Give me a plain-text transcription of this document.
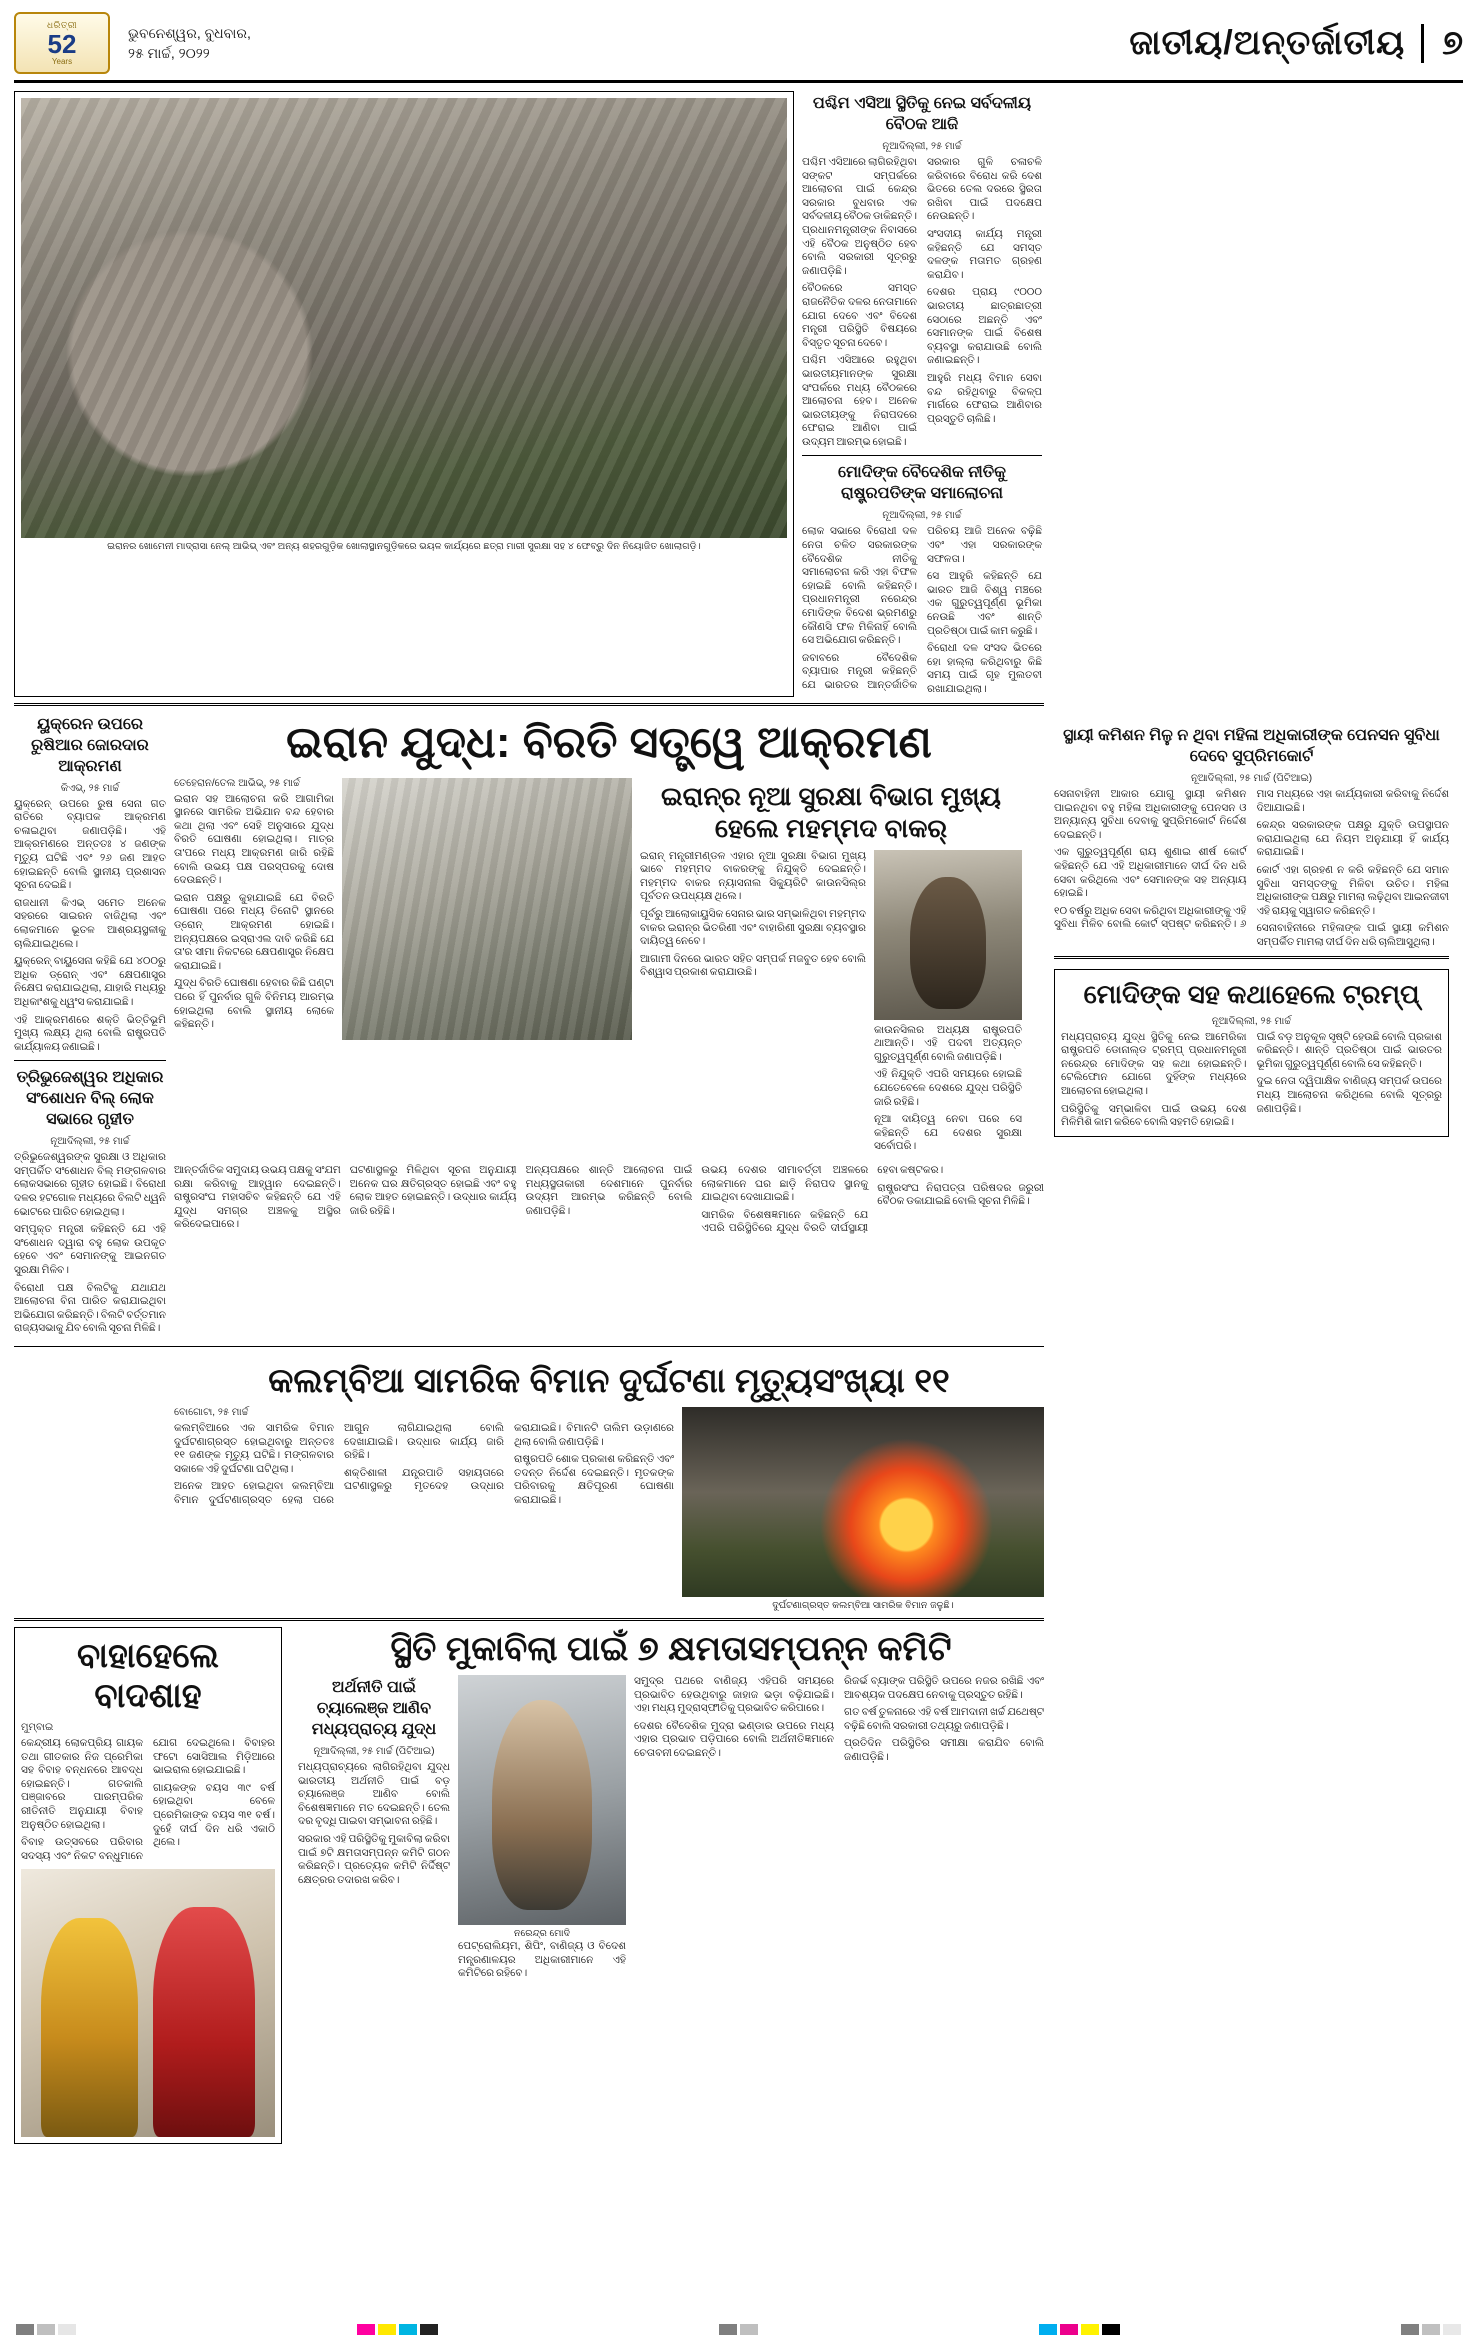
ଧରିତ୍ରୀ
52
Years
ଭୁବନେଶ୍ୱର, ବୁଧବାର,
୨୫ ମାର୍ଚ୍ଚ, ୨୦୨୨	ଜାତୀୟ/ଅନ୍ତର୍ଜାତୀୟ	୭
ଇରାନର ଖୋମେନୀ ମାଦ୍ରାସା ନେଲ୍ ଆଭିଭ୍ ଏବଂ ଅନ୍ୟ ଶହରଗୁଡ଼ିକ ଖୋଲାସ୍ଥାନଗୁଡ଼ିକରେ ଭୟଳ କାର୍ଯ୍ୟରେ ଛତ୍ରା ମାରୀ ସୁରକ୍ଷା ସହ ୪ ଫେବ୍ରୁ ଦିନ ନିୟୋଜିତ ଖୋଲାଗଡ଼ି।
ପଶ୍ଚିମ ଏସିଆ ସ୍ଥିତିକୁ ନେଇ ସର୍ବଦଳୀୟ ବୈଠକ ଆଜି
ନୂଆଦିଲ୍ଲୀ, ୨୫ ମାର୍ଚ୍ଚ

ପଶ୍ଚିମ ଏସିଆରେ ଲାଗିରହିଥିବା ସଙ୍କଟ ସମ୍ପର୍କରେ ଆଲୋଚନା ପାଇଁ କେନ୍ଦ୍ର ସରକାର ବୁଧବାର ଏକ ସର୍ବଦଳୀୟ ବୈଠକ ଡାକିଛନ୍ତି। ପ୍ରଧାନମନ୍ତ୍ରୀଙ୍କ ନିବାସରେ ଏହି ବୈଠକ ଅନୁଷ୍ଠିତ ହେବ ବୋଲି ସରକାରୀ ସୂତ୍ରରୁ ଜଣାପଡ଼ିଛି।

ବୈଠକରେ ସମସ୍ତ ରାଜନୈତିକ ଦଳର ନେତାମାନେ ଯୋଗ ଦେବେ ଏବଂ ବିଦେଶ ମନ୍ତ୍ରୀ ପରିସ୍ଥିତି ବିଷୟରେ ବିସ୍ତୃତ ସୂଚନା ଦେବେ।

ପଶ୍ଚିମ ଏସିଆରେ ରହୁଥିବା ଭାରତୀୟମାନଙ୍କ ସୁରକ୍ଷା ସଂପର୍କରେ ମଧ୍ୟ ବୈଠକରେ ଆଲୋଚନା ହେବ। ଅନେକ ଭାରତୀୟଙ୍କୁ ନିରାପଦରେ ଫେରାଇ ଆଣିବା ପାଇଁ ଉଦ୍ୟମ ଆରମ୍ଭ ହୋଇଛି।

ସରକାର ଗୁଳି ଚଳାଚଳି କରିବାରେ ବିରୋଧ କରି ଦେଶ ଭିତରେ ତେଲ ଦରରେ ସ୍ଥିରତା ରଖିବା ପାଇଁ ପଦକ୍ଷେପ ନେଉଛନ୍ତି।

ସଂସଦୀୟ କାର୍ଯ୍ୟ ମନ୍ତ୍ରୀ କହିଛନ୍ତି ଯେ ସମସ୍ତ ଦଳଙ୍କ ମତାମତ ଗ୍ରହଣ କରାଯିବ।

ଦେଶର ପ୍ରାୟ ୯୦୦୦ ଭାରତୀୟ ଛାତ୍ରଛାତ୍ରୀ ସେଠାରେ ଅଛନ୍ତି ଏବଂ ସେମାନଙ୍କ ପାଇଁ ବିଶେଷ ବ୍ୟବସ୍ଥା କରାଯାଉଛି ବୋଲି ଜଣାଇଛନ୍ତି।

ଆହୁରି ମଧ୍ୟ ବିମାନ ସେବା ବନ୍ଦ ରହିଥିବାରୁ ବିକଳ୍ପ ମାର୍ଗରେ ଫେରାଇ ଆଣିବାର ପ୍ରସ୍ତୁତି ଚାଲିଛି।

ମୋଦିଙ୍କ ବୈଦେଶିକ ନୀତିକୁ ରାଷ୍ଟ୍ରପତିଙ୍କ ସମାଲୋଚନା
ନୂଆଦିଲ୍ଲୀ, ୨୫ ମାର୍ଚ୍ଚ

ଲୋକ ସଭାରେ ବିରୋଧୀ ଦଳ ନେତା ଚଳିତ ସରକାରଙ୍କ ବୈଦେଶିକ ନୀତିକୁ ସମାଲୋଚନା କରି ଏହା ବିଫଳ ହୋଇଛି ବୋଲି କହିଛନ୍ତି। ପ୍ରଧାନମନ୍ତ୍ରୀ ନରେନ୍ଦ୍ର ମୋଦିଙ୍କ ବିଦେଶ ଭ୍ରମଣରୁ କୌଣସି ଫଳ ମିଳିନାହିଁ ବୋଲି ସେ ଅଭିଯୋଗ କରିଛନ୍ତି।

ଜବାବରେ ବୈଦେଶିକ ବ୍ୟାପାର ମନ୍ତ୍ରୀ କହିଛନ୍ତି ଯେ ଭାରତର ଆନ୍ତର୍ଜାତିକ ପରିଚୟ ଆଜି ଅନେକ ବଢ଼ିଛି ଏବଂ ଏହା ସରକାରଙ୍କ ସଫଳତା।

ସେ ଆହୁରି କହିଛନ୍ତି ଯେ ଭାରତ ଆଜି ବିଶ୍ୱ ମଞ୍ଚରେ ଏକ ଗୁରୁତ୍ୱପୂର୍ଣ୍ଣ ଭୂମିକା ନେଉଛି ଏବଂ ଶାନ୍ତି ପ୍ରତିଷ୍ଠା ପାଇଁ କାମ କରୁଛି।

ବିରୋଧୀ ଦଳ ସଂସଦ ଭିତରେ ହୋ ହାଲ୍ଲା କରିଥିବାରୁ କିଛି ସମୟ ପାଇଁ ଗୃହ ମୁଲତବୀ ରଖାଯାଇଥିଲା।

ୟୁକ୍ରେନ ଉପରେ ରୁଷିଆର ଜୋରଦାର ଆକ୍ରମଣ
କିଏଭ୍, ୨୫ ମାର୍ଚ୍ଚ

ୟୁକ୍ରେନ୍ ଉପରେ ରୁଷ ସେନା ଗତ ରାତିରେ ବ୍ୟାପକ ଆକ୍ରମଣ ଚଳାଇଥିବା ଜଣାପଡ଼ିଛି। ଏହି ଆକ୍ରମଣରେ ଅନ୍ତତଃ ୪ ଜଣଙ୍କ ମୃତ୍ୟୁ ଘଟିଛି ଏବଂ ୨୬ ଜଣ ଆହତ ହୋଇଛନ୍ତି ବୋଲି ସ୍ଥାନୀୟ ପ୍ରଶାସନ ସୂଚନା ଦେଇଛି।

ରାଜଧାନୀ କିଏଭ୍ ସମେତ ଅନେକ ସହରରେ ସାଇରନ ବାଜିଥିଲା ଏବଂ ଲୋକମାନେ ଭୂତଳ ଆଶ୍ରୟସ୍ଥଳୀକୁ ଚାଲିଯାଇଥିଲେ।

ୟୁକ୍ରେନ୍ ବାୟୁସେନା କହିଛି ଯେ ୪୦୦ରୁ ଅଧିକ ଡ୍ରୋନ୍ ଏବଂ କ୍ଷେପଣାସ୍ତ୍ର ନିକ୍ଷେପ କରାଯାଇଥିଲା, ଯାହାରି ମଧ୍ୟରୁ ଅଧିକାଂଶକୁ ଧ୍ୱଂସ କରାଯାଇଛି।

ଏହି ଆକ୍ରମଣରେ ଶକ୍ତି ଭିତ୍ତିଭୂମି ମୁଖ୍ୟ ଲକ୍ଷ୍ୟ ଥିଲା ବୋଲି ରାଷ୍ଟ୍ରପତି କାର୍ଯ୍ୟାଳୟ ଜଣାଇଛି।

ତ୍ରିଭୁଜେଶ୍ୱର ଅଧିକାର ସଂଶୋଧନ ବିଲ୍ ଲୋକ ସଭାରେ ଗୃହୀତ
ନୂଆଦିଲ୍ଲୀ, ୨୫ ମାର୍ଚ୍ଚ

ତ୍ରିଭୁଜେଶ୍ୱରଙ୍କ ସୁରକ୍ଷା ଓ ଅଧିକାର ସମ୍ପର୍କିତ ସଂଶୋଧନ ବିଲ୍ ମଙ୍ଗଳବାର ଲୋକସଭାରେ ଗୃହୀତ ହୋଇଛି। ବିରୋଧୀ ଦଳର ହଟଗୋଳ ମଧ୍ୟରେ ବିଲଟି ଧ୍ୱନି ଭୋଟରେ ପାରିତ ହୋଇଥିଲା।

ସମ୍ପୃକ୍ତ ମନ୍ତ୍ରୀ କହିଛନ୍ତି ଯେ ଏହି ସଂଶୋଧନ ଦ୍ୱାରା ବହୁ ଲୋକ ଉପକୃତ ହେବେ ଏବଂ ସେମାନଙ୍କୁ ଆଇନଗତ ସୁରକ୍ଷା ମିଳିବ।

ବିରୋଧୀ ପକ୍ଷ ବିଲଟିକୁ ଯଥାଯଥ ଆଲୋଚନା ବିନା ପାରିତ କରାଯାଇଥିବା ଅଭିଯୋଗ କରିଛନ୍ତି। ବିଲଟି ବର୍ତ୍ତମାନ ରାଜ୍ୟସଭାକୁ ଯିବ ବୋଲି ସୂଚନା ମିଳିଛି।

ଇରାନ ଯୁଦ୍ଧ: ବିରତି ସତ୍ତ୍ୱେ ଆକ୍ରମଣ
ତେହେରାନ/ତେଲ ଆଭିଭ୍, ୨୫ ମାର୍ଚ୍ଚ

ଇରାନ ସହ ଆଲୋଚନା କରି ଆଗାମିକା ସ୍ଥାନରେ ସାମରିକ ଅଭିଯାନ ବନ୍ଦ ହେବାର କଥା ଥିଲା ଏବଂ ସେହି ଅନୁସାରେ ଯୁଦ୍ଧ ବିରତି ଘୋଷଣା ହୋଇଥିଲା। ମାତ୍ର ତା'ପରେ ମଧ୍ୟ ଆକ୍ରମଣ ଜାରି ରହିଛି ବୋଲି ଉଭୟ ପକ୍ଷ ପରସ୍ପରକୁ ଦୋଷ ଦେଉଛନ୍ତି।

ଇରାନ ପକ୍ଷରୁ କୁହାଯାଇଛି ଯେ ବିରତି ଘୋଷଣା ପରେ ମଧ୍ୟ ତିନୋଟି ସ୍ଥାନରେ ଡ୍ରୋନ୍ ଆକ୍ରମଣ ହୋଇଛି। ଅନ୍ୟପକ୍ଷରେ ଇସ୍ରାଏଲ ଦାବି କରିଛି ଯେ ତା'ର ସୀମା ନିକଟରେ କ୍ଷେପଣାସ୍ତ୍ର ନିକ୍ଷେପ କରାଯାଇଛି।

ଯୁଦ୍ଧ ବିରତି ଘୋଷଣା ହେବାର କିଛି ଘଣ୍ଟା ପରେ ହିଁ ପୁନର୍ବାର ଗୁଳି ବିନିମୟ ଆରମ୍ଭ ହୋଇଥିଲା ବୋଲି ସ୍ଥାନୀୟ ଲୋକେ କହିଛନ୍ତି।

ଇରାନ୍‌ର ନୂଆ ସୁରକ୍ଷା ବିଭାଗ ମୁଖ୍ୟ ହେଲେ ମହମ୍ମଦ ବାକର୍

ଇରାନ୍ ମନ୍ତ୍ରୀମଣ୍ଡଳ ଏହାର ନୂଆ ସୁରକ୍ଷା ବିଭାଗ ମୁଖ୍ୟ ଭାବେ ମହମ୍ମଦ ବାକରଙ୍କୁ ନିଯୁକ୍ତି ଦେଇଛନ୍ତି। ମହମ୍ମଦ ବାକର ନ୍ୟାସନାଲ ସିକ୍ୟୁରିଟି କାଉନସିଲ୍‌ର ପୂର୍ବତନ ଉପଧ୍ୟକ୍ଷ ଥିଲେ।

ପୂର୍ବରୁ ଆଲୋକାୟୁସିକ ସେନାର ଭାର ସମ୍ଭାଳିଥିବା ମହମ୍ମଦ ବାକର ଇରାନ୍‌ର ଭିତରିଣୀ ଏବଂ ବାହାରିଣୀ ସୁରକ୍ଷା ବ୍ୟବସ୍ଥାର ଦାୟିତ୍ୱ ନେବେ।

ଆଗାମୀ ଦିନରେ ଭାରତ ସହିତ ସମ୍ପର୍କ ମଜବୁତ ହେବ ବୋଲି ବିଶ୍ୱାସ ପ୍ରକାଶ କରାଯାଉଛି।

କାଉନସିଲର ଅଧ୍ୟକ୍ଷ ରାଷ୍ଟ୍ରପତି ଥାଆନ୍ତି। ଏହି ପଦବୀ ଅତ୍ୟନ୍ତ ଗୁରୁତ୍ୱପୂର୍ଣ୍ଣ ବୋଲି ଜଣାପଡ଼ିଛି।

ଏହି ନିଯୁକ୍ତି ଏପରି ସମୟରେ ହୋଇଛି ଯେତେବେଳେ ଦେଶରେ ଯୁଦ୍ଧ ପରିସ୍ଥିତି ଜାରି ରହିଛି।

ନୂଆ ଦାୟିତ୍ୱ ନେବା ପରେ ସେ କହିଛନ୍ତି ଯେ ଦେଶର ସୁରକ୍ଷା ସର୍ବୋପରି।

ଆନ୍ତର୍ଜାତିକ ସମୁଦାୟ ଉଭୟ ପକ୍ଷକୁ ସଂଯମ ରକ୍ଷା କରିବାକୁ ଆହ୍ୱାନ ଦେଇଛନ୍ତି। ରାଷ୍ଟ୍ରସଂଘ ମହାସଚିବ କହିଛନ୍ତି ଯେ ଏହି ଯୁଦ୍ଧ ସମଗ୍ର ଅଞ୍ଚଳକୁ ଅସ୍ଥିର କରିଦେଇପାରେ।

ଘଟଣାସ୍ଥଳରୁ ମିଳିଥିବା ସୂଚନା ଅନୁଯାୟୀ ଅନେକ ଘର କ୍ଷତିଗ୍ରସ୍ତ ହୋଇଛି ଏବଂ ବହୁ ଲୋକ ଆହତ ହୋଇଛନ୍ତି। ଉଦ୍ଧାର କାର୍ଯ୍ୟ ଜାରି ରହିଛି।

ଅନ୍ୟପକ୍ଷରେ ଶାନ୍ତି ଆଲୋଚନା ପାଇଁ ମଧ୍ୟସ୍ଥତାକାରୀ ଦେଶମାନେ ପୁନର୍ବାର ଉଦ୍ୟମ ଆରମ୍ଭ କରିଛନ୍ତି ବୋଲି ଜଣାପଡ଼ିଛି।

ଉଭୟ ଦେଶର ସୀମାବର୍ତ୍ତୀ ଅଞ୍ଚଳରେ ଲୋକମାନେ ଘର ଛାଡ଼ି ନିରାପଦ ସ୍ଥାନକୁ ଯାଇଥିବା ଦେଖାଯାଇଛି।

ସାମରିକ ବିଶେଷଜ୍ଞମାନେ କହିଛନ୍ତି ଯେ ଏପରି ପରିସ୍ଥିତିରେ ଯୁଦ୍ଧ ବିରତି ଦୀର୍ଘସ୍ଥାୟୀ ହେବା କଷ୍ଟକର।

ରାଷ୍ଟ୍ରସଂଘ ନିରାପତ୍ତା ପରିଷଦର ଜରୁରୀ ବୈଠକ ଡକାଯାଇଛି ବୋଲି ସୂଚନା ମିଳିଛି।

କଲମ୍ବିଆ ସାମରିକ ବିମାନ ଦୁର୍ଘଟଣା ମୃତ୍ୟୁସଂଖ୍ୟା ୧୧
ବୋଗୋଟା, ୨୫ ମାର୍ଚ୍ଚ

କଲମ୍ବିଆରେ ଏକ ସାମରିକ ବିମାନ ଦୁର୍ଘଟଣାଗ୍ରସ୍ତ ହୋଇଥିବାରୁ ଅନ୍ତତଃ ୧୧ ଜଣଙ୍କ ମୃତ୍ୟୁ ଘଟିଛି। ମଙ୍ଗଳବାର ସକାଳେ ଏହି ଦୁର୍ଘଟଣା ଘଟିଥିଲା।

ଅନେକ ଆହତ ହୋଇଥିବା କଲମ୍ବିଆ ବିମାନ ଦୁର୍ଘଟଣାଗ୍ରସ୍ତ ହେଲା ପରେ ଆଗୁନ ଲାଗିଯାଇଥିଲା ବୋଲି ଦେଖାଯାଇଛି। ଉଦ୍ଧାର କାର୍ଯ୍ୟ ଜାରି ରହିଛି।

ଶକ୍ତିଶାଳୀ ଯନ୍ତ୍ରପାତି ସହାୟତାରେ ଘଟଣାସ୍ଥଳରୁ ମୃତଦେହ ଉଦ୍ଧାର କରାଯାଇଛି। ବିମାନଟି ତାଲିମ ଉଡ଼ାଣରେ ଥିଲା ବୋଲି ଜଣାପଡ଼ିଛି।

ରାଷ୍ଟ୍ରପତି ଶୋକ ପ୍ରକାଶ କରିଛନ୍ତି ଏବଂ ତଦନ୍ତ ନିର୍ଦ୍ଦେଶ ଦେଇଛନ୍ତି। ମୃତକଙ୍କ ପରିବାରକୁ କ୍ଷତିପୂରଣ ଘୋଷଣା କରାଯାଇଛି।

ଦୁର୍ଘଟଣାଗ୍ରସ୍ତ କଲମ୍ବିଆ ସାମରିକ ବିମାନ ଜଳୁଛି।
ବାହାହେଲେ ବାଦଶାହ
ମୁମ୍ବାଇ

କେନ୍ଦ୍ରୀୟ ଲୋକପ୍ରିୟ ଗାୟକ ତଥା ଗୀତକାର ନିଜ ପ୍ରେମିକା ସହ ବିବାହ ବନ୍ଧନରେ ଆବଦ୍ଧ ହୋଇଛନ୍ତି। ଗତକାଲି ପଞ୍ଜାବରେ ପାରମ୍ପରିକ ରୀତିନୀତି ଅନୁଯାୟୀ ବିବାହ ଅନୁଷ୍ଠିତ ହୋଇଥିଲା।

ବିବାହ ଉତ୍ସବରେ ପରିବାର ସଦସ୍ୟ ଏବଂ ନିକଟ ବନ୍ଧୁମାନେ ଯୋଗ ଦେଇଥିଲେ। ବିବାହର ଫଟୋ ସୋସିଆଲ ମିଡ଼ିଆରେ ଭାଇରାଲ ହୋଇଯାଇଛି।

ଗାୟକଙ୍କ ବୟସ ୩୯ ବର୍ଷ ହୋଇଥିବା ବେଳେ ପ୍ରେମିକାଙ୍କ ବୟସ ୩୧ ବର୍ଷ। ଦୁହେଁ ଦୀର୍ଘ ଦିନ ଧରି ଏକାଠି ଥିଲେ।

ସ୍ଥିତି ମୁକାବିଲା ପାଇଁ ୭ କ୍ଷମତାସମ୍ପନ୍ନ କମିଟି
ଅର୍ଥନୀତି ପାଇଁ ଚ୍ୟାଲେଞ୍ଜ ଆଣିବ ମଧ୍ୟପ୍ରାଚ୍ୟ ଯୁଦ୍ଧ
ନୂଆଦିଲ୍ଲୀ, ୨୫ ମାର୍ଚ୍ଚ (ପିଟିଆଇ)

ମଧ୍ୟପ୍ରାଚ୍ୟରେ ଲାଗିରହିଥିବା ଯୁଦ୍ଧ ଭାରତୀୟ ଅର୍ଥନୀତି ପାଇଁ ବଡ଼ ଚ୍ୟାଲେଞ୍ଜ ଆଣିବ ବୋଲି ବିଶେଷଜ୍ଞମାନେ ମତ ଦେଇଛନ୍ତି। ତେଲ ଦର ବୃଦ୍ଧି ପାଇବା ସମ୍ଭାବନା ରହିଛି।

ସରକାର ଏହି ପରିସ୍ଥିତିକୁ ମୁକାବିଲା କରିବା ପାଇଁ ୭ଟି କ୍ଷମତାସମ୍ପନ୍ନ କମିଟି ଗଠନ କରିଛନ୍ତି। ପ୍ରତ୍ୟେକ କମିଟି ନିର୍ଦ୍ଦିଷ୍ଟ କ୍ଷେତ୍ରର ତଦାରଖ କରିବ।

ନରେନ୍ଦ୍ର ମୋଦି

ପେଟ୍ରୋଲିୟମ, ଶିପିଂ, ବାଣିଜ୍ୟ ଓ ବିଦେଶ ମନ୍ତ୍ରଣାଳୟର ଅଧିକାରୀମାନେ ଏହି କମିଟିରେ ରହିବେ।

ସମୁଦ୍ର ପଥରେ ବାଣିଜ୍ୟ ଏହିପରି ସମୟରେ ପ୍ରଭାବିତ ହେଉଥିବାରୁ ଜାହାଜ ଭଡ଼ା ବଢ଼ିଯାଇଛି। ଏହା ମଧ୍ୟ ମୁଦ୍ରାସ୍ଫୀତିକୁ ପ୍ରଭାବିତ କରିପାରେ।

ଦେଶର ବୈଦେଶିକ ମୁଦ୍ରା ଭଣ୍ଡାର ଉପରେ ମଧ୍ୟ ଏହାର ପ୍ରଭାବ ପଡ଼ିପାରେ ବୋଲି ଅର୍ଥନୀତିଜ୍ଞମାନେ ଚେତାବନୀ ଦେଇଛନ୍ତି।

ରିଜର୍ଭ ବ୍ୟାଙ୍କ ପରିସ୍ଥିତି ଉପରେ ନଜର ରଖିଛି ଏବଂ ଆବଶ୍ୟକ ପଦକ୍ଷେପ ନେବାକୁ ପ୍ରସ୍ତୁତ ରହିଛି।

ଗତ ବର୍ଷ ତୁଳନାରେ ଏହି ବର୍ଷ ଆମଦାନୀ ଖର୍ଚ୍ଚ ଯଥେଷ୍ଟ ବଢ଼ିଛି ବୋଲି ସରକାରୀ ତଥ୍ୟରୁ ଜଣାପଡ଼ିଛି।

ପ୍ରତିଦିନ ପରିସ୍ଥିତିର ସମୀକ୍ଷା କରାଯିବ ବୋଲି ଜଣାପଡ଼ିଛି।

ସ୍ଥାୟୀ କମିଶନ ମିଳୁ ନ ଥିବା ମହିଳା ଅଧିକାରୀଙ୍କ ପେନସନ ସୁବିଧା ଦେବେ ସୁପ୍ରିମକୋର୍ଟ
ନୂଆଦିଲ୍ଲୀ, ୨୫ ମାର୍ଚ୍ଚ (ପିଟିଆଇ)

ସେନାବାହିନୀ ଆକାର ଯୋଗୁ ସ୍ଥାୟୀ କମିଶନ ପାଇନଥିବା ବହୁ ମହିଳା ଅଧିକାରୀଙ୍କୁ ପେନସନ ଓ ଅନ୍ୟାନ୍ୟ ସୁବିଧା ଦେବାକୁ ସୁପ୍ରିମକୋର୍ଟ ନିର୍ଦ୍ଦେଶ ଦେଇଛନ୍ତି।

ଏକ ଗୁରୁତ୍ୱପୂର୍ଣ୍ଣ ରାୟ ଶୁଣାଇ ଶୀର୍ଷ କୋର୍ଟ କହିଛନ୍ତି ଯେ ଏହି ଅଧିକାରୀମାନେ ଦୀର୍ଘ ଦିନ ଧରି ସେବା କରିଥିଲେ ଏବଂ ସେମାନଙ୍କ ସହ ଅନ୍ୟାୟ ହୋଇଛି।

୧୦ ବର୍ଷରୁ ଅଧିକ ସେବା କରିଥିବା ଅଧିକାରୀଙ୍କୁ ଏହି ସୁବିଧା ମିଳିବ ବୋଲି କୋର୍ଟ ସ୍ପଷ୍ଟ କରିଛନ୍ତି। ୬ ମାସ ମଧ୍ୟରେ ଏହା କାର୍ଯ୍ୟକାରୀ କରିବାକୁ ନିର୍ଦ୍ଦେଶ ଦିଆଯାଇଛି।

କେନ୍ଦ୍ର ସରକାରଙ୍କ ପକ୍ଷରୁ ଯୁକ୍ତି ଉପସ୍ଥାପନ କରାଯାଇଥିଲା ଯେ ନିୟମ ଅନୁଯାୟୀ ହିଁ କାର୍ଯ୍ୟ କରାଯାଇଛି।

କୋର୍ଟ ଏହା ଗ୍ରହଣ ନ କରି କହିଛନ୍ତି ଯେ ସମାନ ସୁବିଧା ସମସ୍ତଙ୍କୁ ମିଳିବା ଉଚିତ। ମହିଳା ଅଧିକାରୀଙ୍କ ପକ୍ଷରୁ ମାମଲା ଲଢ଼ିଥିବା ଆଇନଜୀବୀ ଏହି ରାୟକୁ ସ୍ୱାଗତ କରିଛନ୍ତି।

ସେନାବାହିନୀରେ ମହିଳାଙ୍କ ପାଇଁ ସ୍ଥାୟୀ କମିଶନ ସମ୍ପର୍କିତ ମାମଲା ଦୀର୍ଘ ଦିନ ଧରି ଚାଲିଆସୁଥିଲା।

ମୋଦିଙ୍କ ସହ କଥାହେଲେ ଟ୍ରମ୍ପ୍
ନୂଆଦିଲ୍ଲୀ, ୨୫ ମାର୍ଚ୍ଚ

ମଧ୍ୟପ୍ରାଚ୍ୟ ଯୁଦ୍ଧ ସ୍ଥିତିକୁ ନେଇ ଆମେରିକା ରାଷ୍ଟ୍ରପତି ଡୋନାଲ୍ଡ ଟ୍ରମ୍ପ୍ ପ୍ରଧାନମନ୍ତ୍ରୀ ନରେନ୍ଦ୍ର ମୋଦିଙ୍କ ସହ କଥା ହୋଇଛନ୍ତି। ଟେଲିଫୋନ ଯୋଗେ ଦୁହିଁଙ୍କ ମଧ୍ୟରେ ଆଲୋଚନା ହୋଇଥିଲା।

ପରିସ୍ଥିତିକୁ ସମ୍ଭାଳିବା ପାଇଁ ଉଭୟ ଦେଶ ମିଳିମିଶି କାମ କରିବେ ବୋଲି ସହମତି ହୋଇଛି।

ପାଇଁ ବଡ଼ ଅନୁକୂଳ ସୃଷ୍ଟି ହେଉଛି ବୋଲି ପ୍ରକାଶ କରିଛନ୍ତି। ଶାନ୍ତି ପ୍ରତିଷ୍ଠା ପାଇଁ ଭାରତର ଭୂମିକା ଗୁରୁତ୍ୱପୂର୍ଣ୍ଣ ବୋଲି ସେ କହିଛନ୍ତି।

ଦୁଇ ନେତା ଦ୍ୱିପାକ୍ଷିକ ବାଣିଜ୍ୟ ସମ୍ପର୍କ ଉପରେ ମଧ୍ୟ ଆଲୋଚନା କରିଥିଲେ ବୋଲି ସୂତ୍ରରୁ ଜଣାପଡ଼ିଛି।
